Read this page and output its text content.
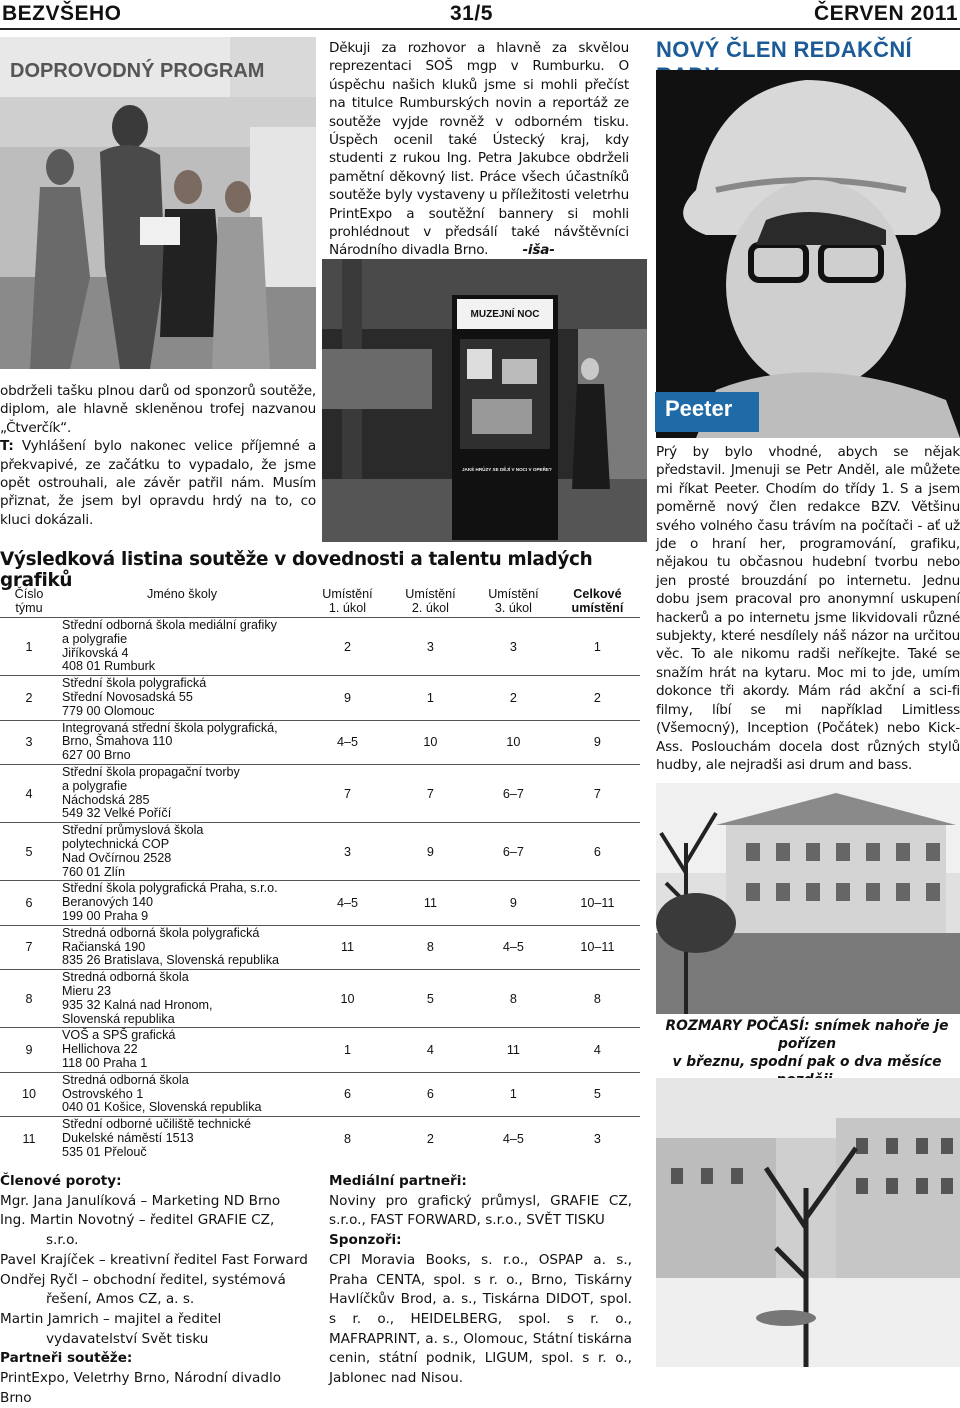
BEZVŠEHO	31/5	ČERVEN 2011
DOPROVODNÝ PROGRAM
Děkuji za rozhovor a hlavně za skvělou reprezentaci SOŠ mgp v Rumburku. O úspěchu našich kluků jsme si mohli přečíst na titulce Rumburských novin a reportáž ze soutěže vyjde rovněž v odborném tisku. Úspěch ocenil také Ústecký kraj, kdy studenti z rukou Ing. Petra Jakubce obdrželi pamětní děkovný list. Práce všech účastníků soutěže byly vystaveny u příležitosti veletrhu PrintExpo a soutěžní bannery si mohli prohlédnout v předsálí také návštěvníci Národního divadla Brno.	-iša-
MUZEJNÍ NOC
JAKÉ HRŮZY SE DĚJÍ V NOCI V OPEŘE?
NOVÝ ČLEN REDAKČNÍ
Peeter
obdrželi tašku plnou darů od sponzorů soutěže, diplom, ale hlavně skleněnou trofej nazvanou „Čtverčík“.
T: Vyhlášení bylo nakonec velice příjemné a překvapivé, ze začátku to vypadalo, že jsme opět ostrouhali, ale závěr patřil nám. Musím přiznat, že jsem byl opravdu hrdý na to, co kluci dokázali.
Prý by bylo vhodné, abych se nějak představil. Jmenuji se Petr Anděl, ale můžete mi říkat Peeter. Chodím do třídy 1. S a jsem poměrně nový člen redakce BZV. Většinu svého volného času trávím na počítači - ať už jde o hraní her, programování, grafiku, nějakou tu občasnou hudební tvorbu nebo jen prosté brouzdání po internetu. Jednu dobu jsem pracoval pro anonymní uskupení hackerů a po internetu jsme likvidovali různé subjekty, které nesdílely náš názor na určitou věc. To ale nikomu radši neříkejte. Také se snažím hrát na kytaru. Moc mi to jde, umím dokonce tři akordy. Mám rád akční a sci-fi filmy, líbí se mi například Limitless (Všemocný), Inception (Počátek) nebo Kick-Ass. Poslouchám docela dost různých stylů hudby, ale nejradši asi drum and bass.
Výsledková listina soutěže v dovednosti a talentu mladých grafiků
Číslo
týmu	Jméno školy	Umístění
1. úkol	Umístění
2. úkol	Umístění
3. úkol	Celkové
umístění
1	Střední odborná škola mediální grafiky
a polygrafie
Jiříkovská 4
408 01 Rumburk	2	3	3	1
2	Střední škola polygrafická
Střední Novosadská 55
779 00 Olomouc	9	1	2	2
3	Integrovaná střední škola polygrafická,
Brno, Šmahova 110
627 00 Brno	4–5	10	10	9
4	Střední škola propagační tvorby
a polygrafie
Náchodská 285
549 32 Velké Poříčí	7	7	6–7	7
5	Střední průmyslová škola
polytechnická COP
Nad Ovčírnou 2528
760 01 Zlín	3	9	6–7	6
6	Střední škola polygrafická Praha, s.r.o.
Beranových 140
199 00 Praha 9	4–5	11	9	10–11
7	Stredná odborná škola polygrafická
Račianská 190
835 26 Bratislava, Slovenská republika	11	8	4–5	10–11
8	Stredná odborná škola
Mieru 23
935 32 Kalná nad Hronom,
Slovenská republika	10	5	8	8
9	VOŠ a SPŠ grafická
Hellichova 22
118 00 Praha 1	1	4	11	4
10	Stredná odborná škola
Ostrovského 1
040 01 Košice, Slovenská republika	6	6	1	5
11	Střední odborné učiliště technické
Dukelské náměstí 1513
535 01 Přelouč	8	2	4–5	3
ROZMARY POČASÍ: snímek nahoře je pořízen
v březnu, spodní pak o dva měsíce
Členové poroty:
Mgr. Jana Janulíková – Marketing ND Brno
Ing. Martin Novotný – ředitel GRAFIE CZ, s.r.o.
Pavel Krajíček – kreativní ředitel Fast Forward
Ondřej Ryčl – obchodní ředitel, systémová řešení, Amos CZ, a. s.
Martin Jamrich – majitel a ředitel vydavatelství Svět tisku
Partneři soutěže:
PrintExpo, Veletrhy Brno, Národní divadlo Brno
Mediální partneři:
Noviny pro grafický průmysl, GRAFIE CZ, s.r.o., FAST FORWARD, s.r.o., SVĚT TISKU
Sponzoři:
CPI Moravia Books, s. r.o., OSPAP a. s., Praha CENTA, spol. s r. o., Brno, Tiskárny Havlíčkův Brod, a. s., Tiskárna DIDOT, spol. s r. o., HEIDELBERG, spol. s r. o., MAFRAPRINT, a. s., Olomouc, Státní tiskárna cenin, státní podnik, LIGUM, spol. s r. o., Jablonec nad Nisou.
